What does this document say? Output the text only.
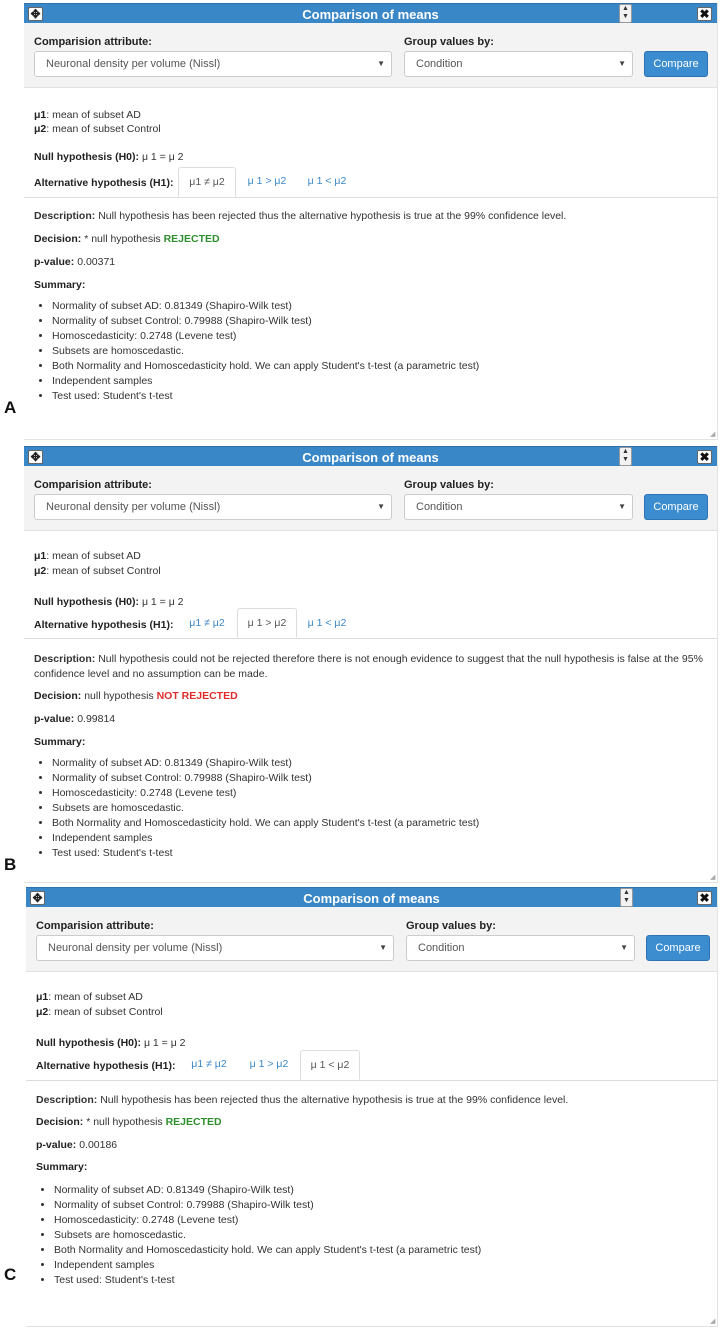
A
B
C
✥	Comparison of means	▲
▼	✖
Comparision attribute:
Neuronal density per volume (Nissl)	▼
Group values by:
Condition	▼	Compare
μ1: mean of subset AD
μ2: mean of subset Control
Null hypothesis (H0): μ 1 = μ 2
Alternative hypothesis (H1):	μ1 ≠ μ2	μ 1 > μ2	μ 1 < μ2
Description: Null hypothesis has been rejected thus the alternative hypothesis is true at the 99% confidence level.
Decision: * null hypothesis REJECTED
p-value: 0.00371
Summary:
• Normality of subset AD: 0.81349 (Shapiro-Wilk test)
• Normality of subset Control: 0.79988 (Shapiro-Wilk test)
• Homoscedasticity: 0.2748 (Levene test)
• Subsets are homoscedastic.
• Both Normality and Homoscedasticity hold. We can apply Student's t-test (a parametric test)
• Independent samples
• Test used: Student's t-test
◢
✥	Comparison of means	▲
▼	✖
Comparision attribute:
Neuronal density per volume (Nissl)	▼
Group values by:
Condition	▼	Compare
μ1: mean of subset AD
μ2: mean of subset Control
Null hypothesis (H0): μ 1 = μ 2
Alternative hypothesis (H1):	μ1 ≠ μ2	μ 1 > μ2	μ 1 < μ2
Description: Null hypothesis could not be rejected therefore there is not enough evidence to suggest that the null hypothesis is false at the 95% confidence level and no assumption can be made.
Decision: null hypothesis NOT REJECTED
p-value: 0.99814
Summary:
• Normality of subset AD: 0.81349 (Shapiro-Wilk test)
• Normality of subset Control: 0.79988 (Shapiro-Wilk test)
• Homoscedasticity: 0.2748 (Levene test)
• Subsets are homoscedastic.
• Both Normality and Homoscedasticity hold. We can apply Student's t-test (a parametric test)
• Independent samples
• Test used: Student's t-test
◢
✥	Comparison of means	▲
▼	✖
Comparision attribute:
Neuronal density per volume (Nissl)	▼
Group values by:
Condition	▼	Compare
μ1: mean of subset AD
μ2: mean of subset Control
Null hypothesis (H0): μ 1 = μ 2
Alternative hypothesis (H1):	μ1 ≠ μ2	μ 1 > μ2	μ 1 < μ2
Description: Null hypothesis has been rejected thus the alternative hypothesis is true at the 99% confidence level.
Decision: * null hypothesis REJECTED
p-value: 0.00186
Summary:
• Normality of subset AD: 0.81349 (Shapiro-Wilk test)
• Normality of subset Control: 0.79988 (Shapiro-Wilk test)
• Homoscedasticity: 0.2748 (Levene test)
• Subsets are homoscedastic.
• Both Normality and Homoscedasticity hold. We can apply Student's t-test (a parametric test)
• Independent samples
• Test used: Student's t-test
◢
